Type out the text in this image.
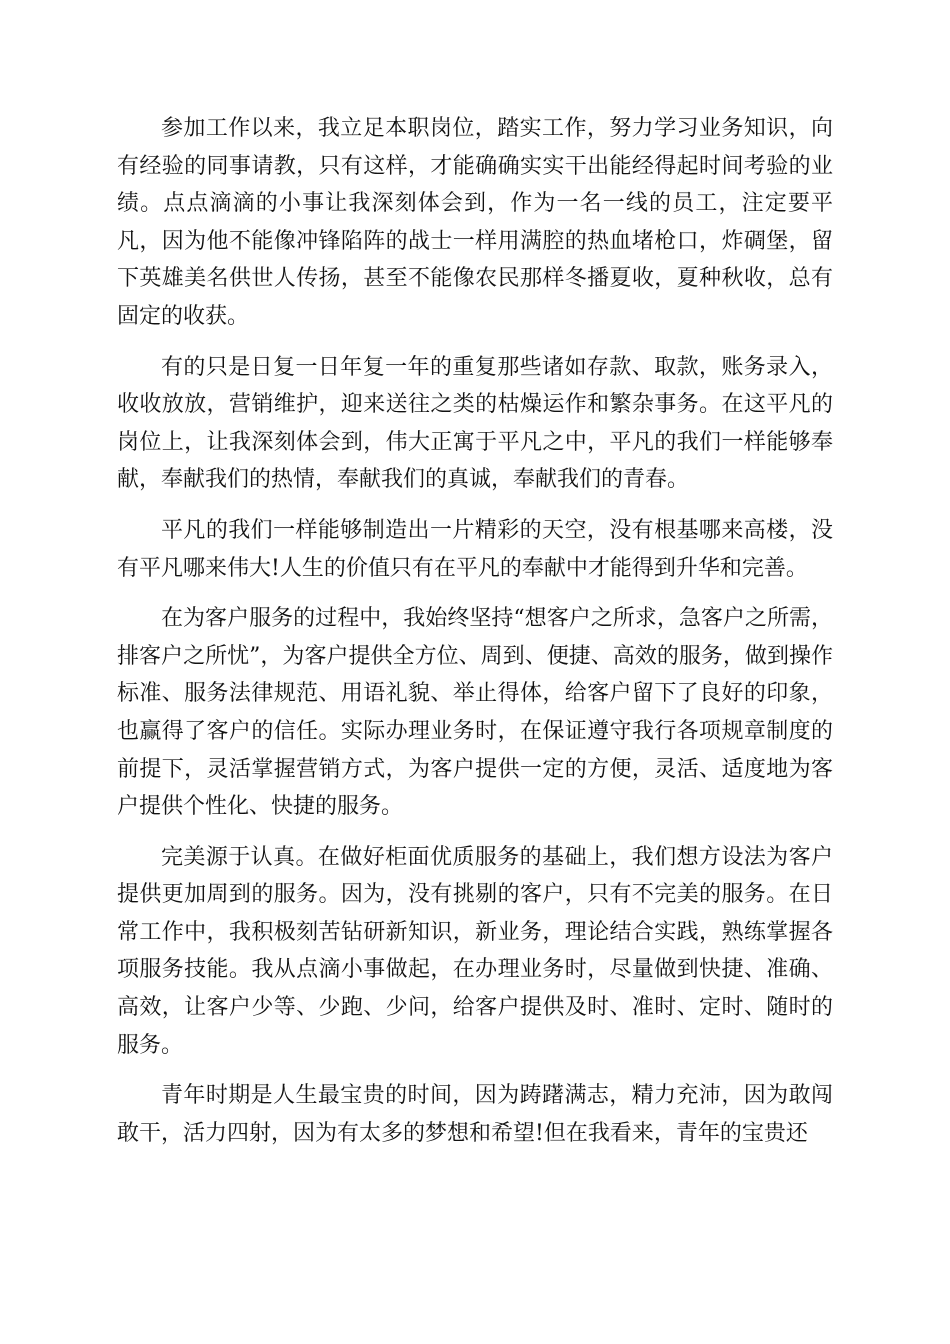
参加工作以来，我立足本职岗位，踏实工作，努力学习业务知识，向有经验的同事请教，只有这样，才能确确实实干出能经得起时间考验的业绩。点点滴滴的小事让我深刻体会到，作为一名一线的员工，注定要平凡，因为他不能像冲锋陷阵的战士一样用满腔的热血堵枪口，炸碉堡，留下英雄美名供世人传扬，甚至不能像农民那样冬播夏收，夏种秋收，总有固定的收获。

有的只是日复一日年复一年的重复那些诸如存款、取款，账务录入，收收放放，营销维护，迎来送往之类的枯燥运作和繁杂事务。在这平凡的岗位上，让我深刻体会到，伟大正寓于平凡之中，平凡的我们一样能够奉献，奉献我们的热情，奉献我们的真诚，奉献我们的青春。

平凡的我们一样能够制造出一片精彩的天空，没有根基哪来高楼，没有平凡哪来伟大!人生的价值只有在平凡的奉献中才能得到升华和完善。

在为客户服务的过程中，我始终坚持“想客户之所求，急客户之所需，排客户之所忧”，为客户提供全方位、周到、便捷、高效的服务，做到操作标准、服务法律规范、用语礼貌、举止得体，给客户留下了良好的印象，也赢得了客户的信任。实际办理业务时，在保证遵守我行各项规章制度的前提下，灵活掌握营销方式，为客户提供一定的方便，灵活、适度地为客户提供个性化、快捷的服务。

完美源于认真。在做好柜面优质服务的基础上，我们想方设法为客户提供更加周到的服务。因为，没有挑剔的客户，只有不完美的服务。在日常工作中，我积极刻苦钻研新知识，新业务，理论结合实践，熟练掌握各项服务技能。我从点滴小事做起，在办理业务时，尽量做到快捷、准确、高效，让客户少等、少跑、少问，给客户提供及时、准时、定时、随时的服务。

青年时期是人生最宝贵的时间，因为踌躇满志，精力充沛，因为敢闯敢干，活力四射，因为有太多的梦想和希望!但在我看来，青年的宝贵还
